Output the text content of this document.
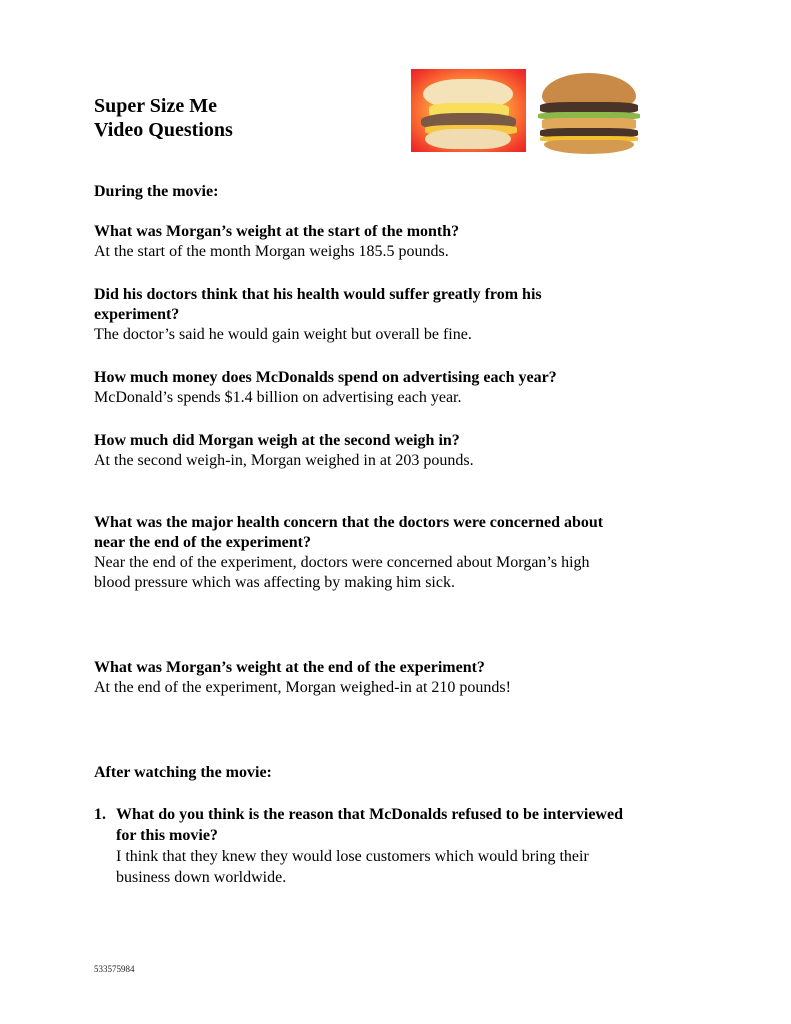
Super Size Me
Video Questions
During the movie:
What was Morgan’s weight at the start of the month?
At the start of the month Morgan weighs 185.5 pounds.
Did his doctors think that his health would suffer greatly from his
experiment?
The doctor’s said he would gain weight but overall be fine.
How much money does McDonalds spend on advertising each year?
McDonald’s spends $1.4 billion on advertising each year.
How much did Morgan weigh at the second weigh in?
At the second weigh-in, Morgan weighed in at 203 pounds.
What was the major health concern that the doctors were concerned about
near the end of the experiment?
Near the end of the experiment, doctors were concerned about Morgan’s high
blood pressure which was affecting by making him sick.
What was Morgan’s weight at the end of the experiment?
At the end of the experiment, Morgan weighed-in at 210 pounds!
After watching the movie:
1. What do you think is the reason that McDonalds refused to be interviewed
for this movie?
I think that they knew they would lose customers which would bring their
business down worldwide.
533575984
